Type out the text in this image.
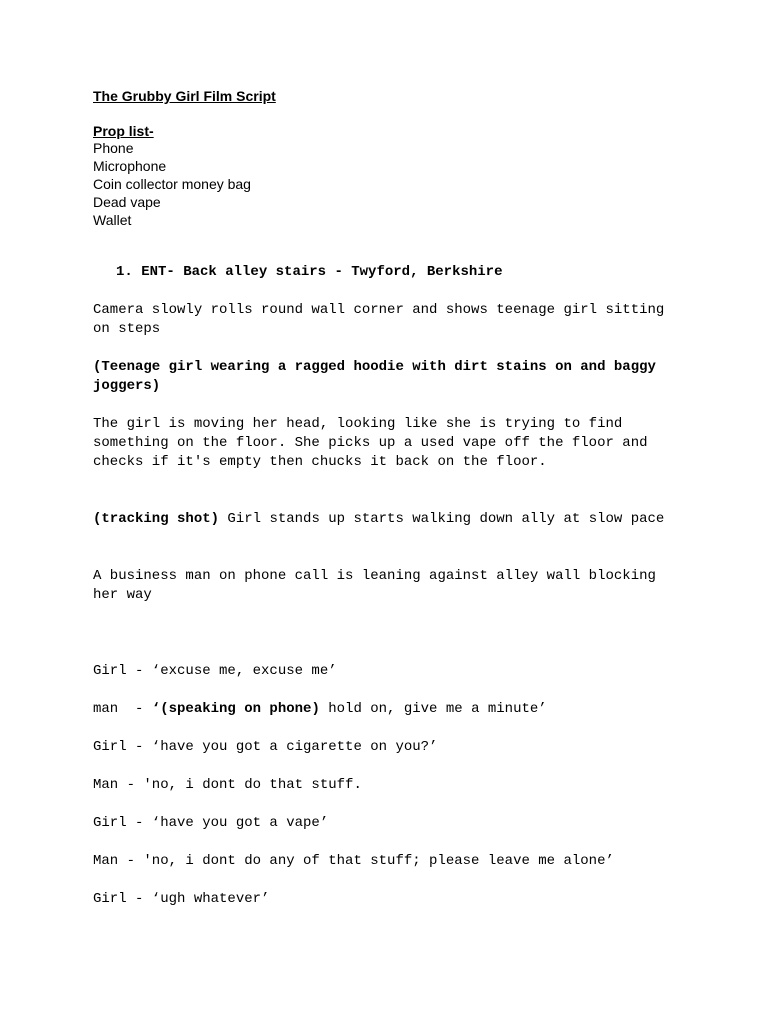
The Grubby Girl Film Script
Prop list-
Phone
Microphone
Coin collector money bag
Dead vape
Wallet
1. ENT- Back alley stairs - Twyford, Berkshire
Camera slowly rolls round wall corner and shows teenage girl sitting on steps
(Teenage girl wearing a ragged hoodie with dirt stains on and baggy joggers)
The girl is moving her head, looking like she is trying to find something on the floor. She picks up a used vape off the floor and checks if it's empty then chucks it back on the floor.
(tracking shot) Girl stands up starts walking down ally at slow pace
A business man on phone call is leaning against alley wall blocking her way
Girl - ‘excuse me, excuse me’
man  - ‘(speaking on phone) hold on, give me a minute’
Girl - ‘have you got a cigarette on you?’
Man - 'no, i dont do that stuff.
Girl - ‘have you got a vape’
Man - 'no, i dont do any of that stuff; please leave me alone’
Girl - ‘ugh whatever’
